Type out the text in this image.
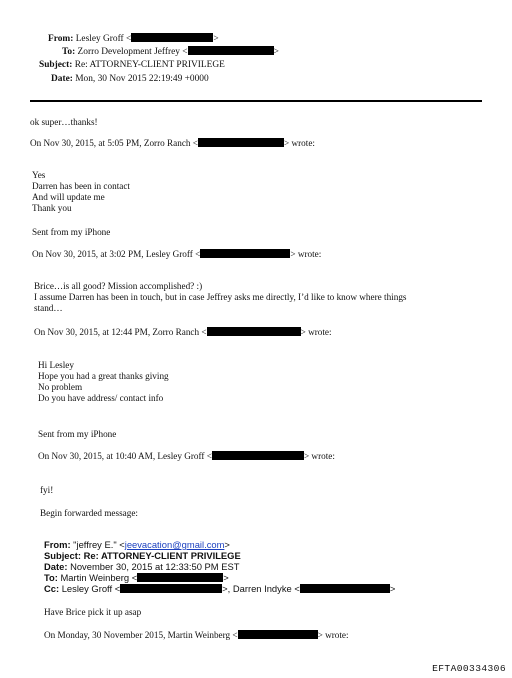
From: Lesley Groff <	>
To: Zorro Development Jeffrey <	>
Subject: Re: ATTORNEY-CLIENT PRIVILEGE
Date: Mon, 30 Nov 2015 22:19:49 +0000
ok super…thanks!
On Nov 30, 2015, at 5:05 PM, Zorro Ranch <	> wrote:
Yes
Darren has been in contact
And will update me
Thank you
Sent from my iPhone
On Nov 30, 2015, at 3:02 PM, Lesley Groff <	> wrote:
Brice…is all good? Mission accomplished? :)
I assume Darren has been in touch, but in case Jeffrey asks me directly, I’d like to know where things
stand…
On Nov 30, 2015, at 12:44 PM, Zorro Ranch <	> wrote:
Hi Lesley
Hope you had a great thanks giving
No problem
Do you have address/ contact info
Sent from my iPhone
On Nov 30, 2015, at 10:40 AM, Lesley Groff <	> wrote:
fyi!
Begin forwarded message:
From: "jeffrey E." <jeevacation@gmail.com>
Subject: Re: ATTORNEY-CLIENT PRIVILEGE
Date: November 30, 2015 at 12:33:50 PM EST
To: Martin Weinberg <	>
Cc: Lesley Groff <	>, Darren Indyke <	>
Have Brice pick it up asap
On Monday, 30 November 2015, Martin Weinberg <	> wrote:
EFTA00334306
